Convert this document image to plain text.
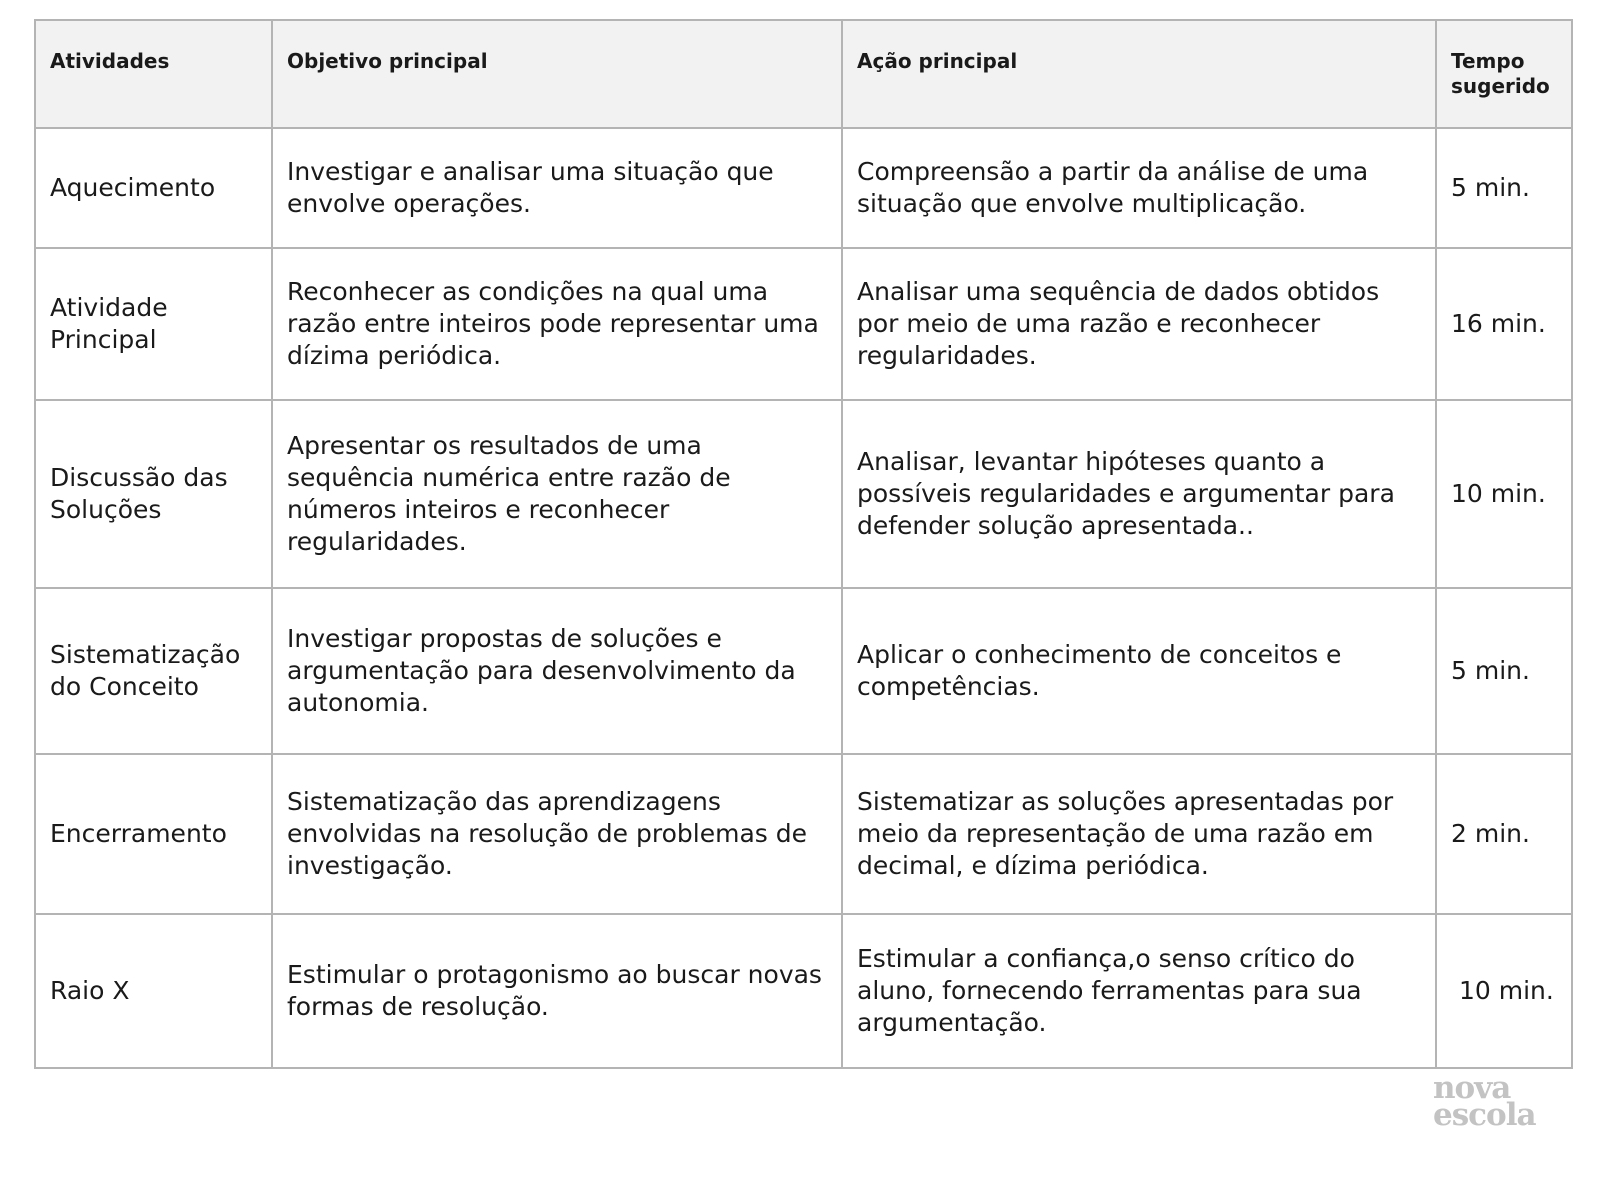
Atividades	Objetivo principal	Ação principal	Tempo sugerido
Aquecimento	Investigar e analisar uma situação que envolve operações.	Compreensão a partir da análise de uma situação que envolve multiplicação.	5 min.
Atividade Principal	Reconhecer as condições na qual uma razão entre inteiros pode representar uma dízima periódica.	Analisar uma sequência de dados obtidos por meio de uma razão e reconhecer regularidades.	16 min.
Discussão das Soluções	Apresentar os resultados de uma sequência numérica entre razão de números inteiros e reconhecer regularidades.	Analisar, levantar hipóteses quanto a possíveis regularidades e argumentar para defender solução apresentada..	10 min.
Sistematização do Conceito	Investigar propostas de soluções e argumentação para desenvolvimento da autonomia.	Aplicar o conhecimento de conceitos e competências.	5 min.
Encerramento	Sistematização das aprendizagens envolvidas na resolução de problemas de investigação.	Sistematizar as soluções apresentadas por meio da representação de uma razão em decimal, e dízima periódica.	2 min.
Raio X	Estimular o protagonismo ao buscar novas formas de resolução.	Estimular a confiança,o senso crítico do aluno, fornecendo ferramentas para sua argumentação.	10 min.
nova
escola
